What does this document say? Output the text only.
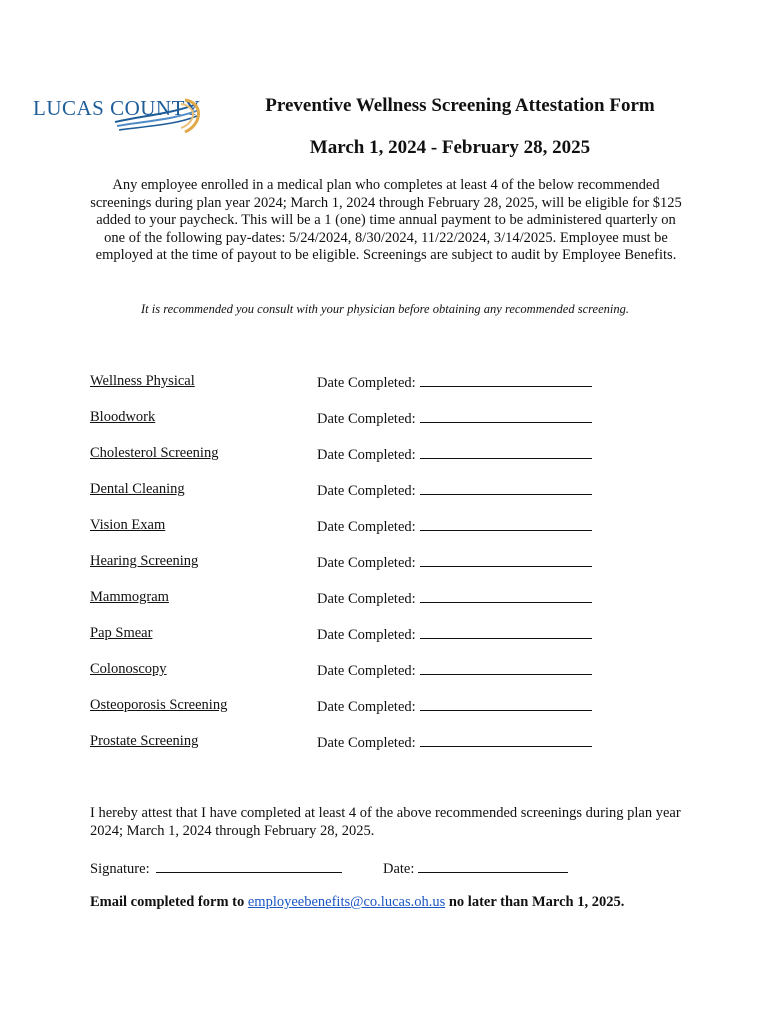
LUCAS COUNTY	Preventive Wellness Screening Attestation Form
March 1, 2024 - February 28, 2025
Any employee enrolled in a medical plan who completes at least 4 of the below recommended screenings during plan year 2024; March 1, 2024 through February 28, 2025, will be eligible for $125 added to your paycheck. This will be a 1 (one) time annual payment to be administered quarterly on one of the following pay-dates: 5/24/2024, 8/30/2024, 11/22/2024, 3/14/2025. Employee must be employed at the time of payout to be eligible. Screenings are subject to audit by Employee Benefits.
It is recommended you consult with your physician before obtaining any recommended screening.
Wellness Physical	Date Completed:
Bloodwork	Date Completed:
Cholesterol Screening	Date Completed:
Dental Cleaning	Date Completed:
Vision Exam	Date Completed:
Hearing Screening	Date Completed:
Mammogram	Date Completed:
Pap Smear	Date Completed:
Colonoscopy	Date Completed:
Osteoporosis Screening	Date Completed:
Prostate Screening	Date Completed:
I hereby attest that I have completed at least 4 of the above recommended screenings during plan year 2024; March 1, 2024 through February 28, 2025.
Signature:	Date:
Email completed form to employeebenefits@co.lucas.oh.us no later than March 1, 2025.
